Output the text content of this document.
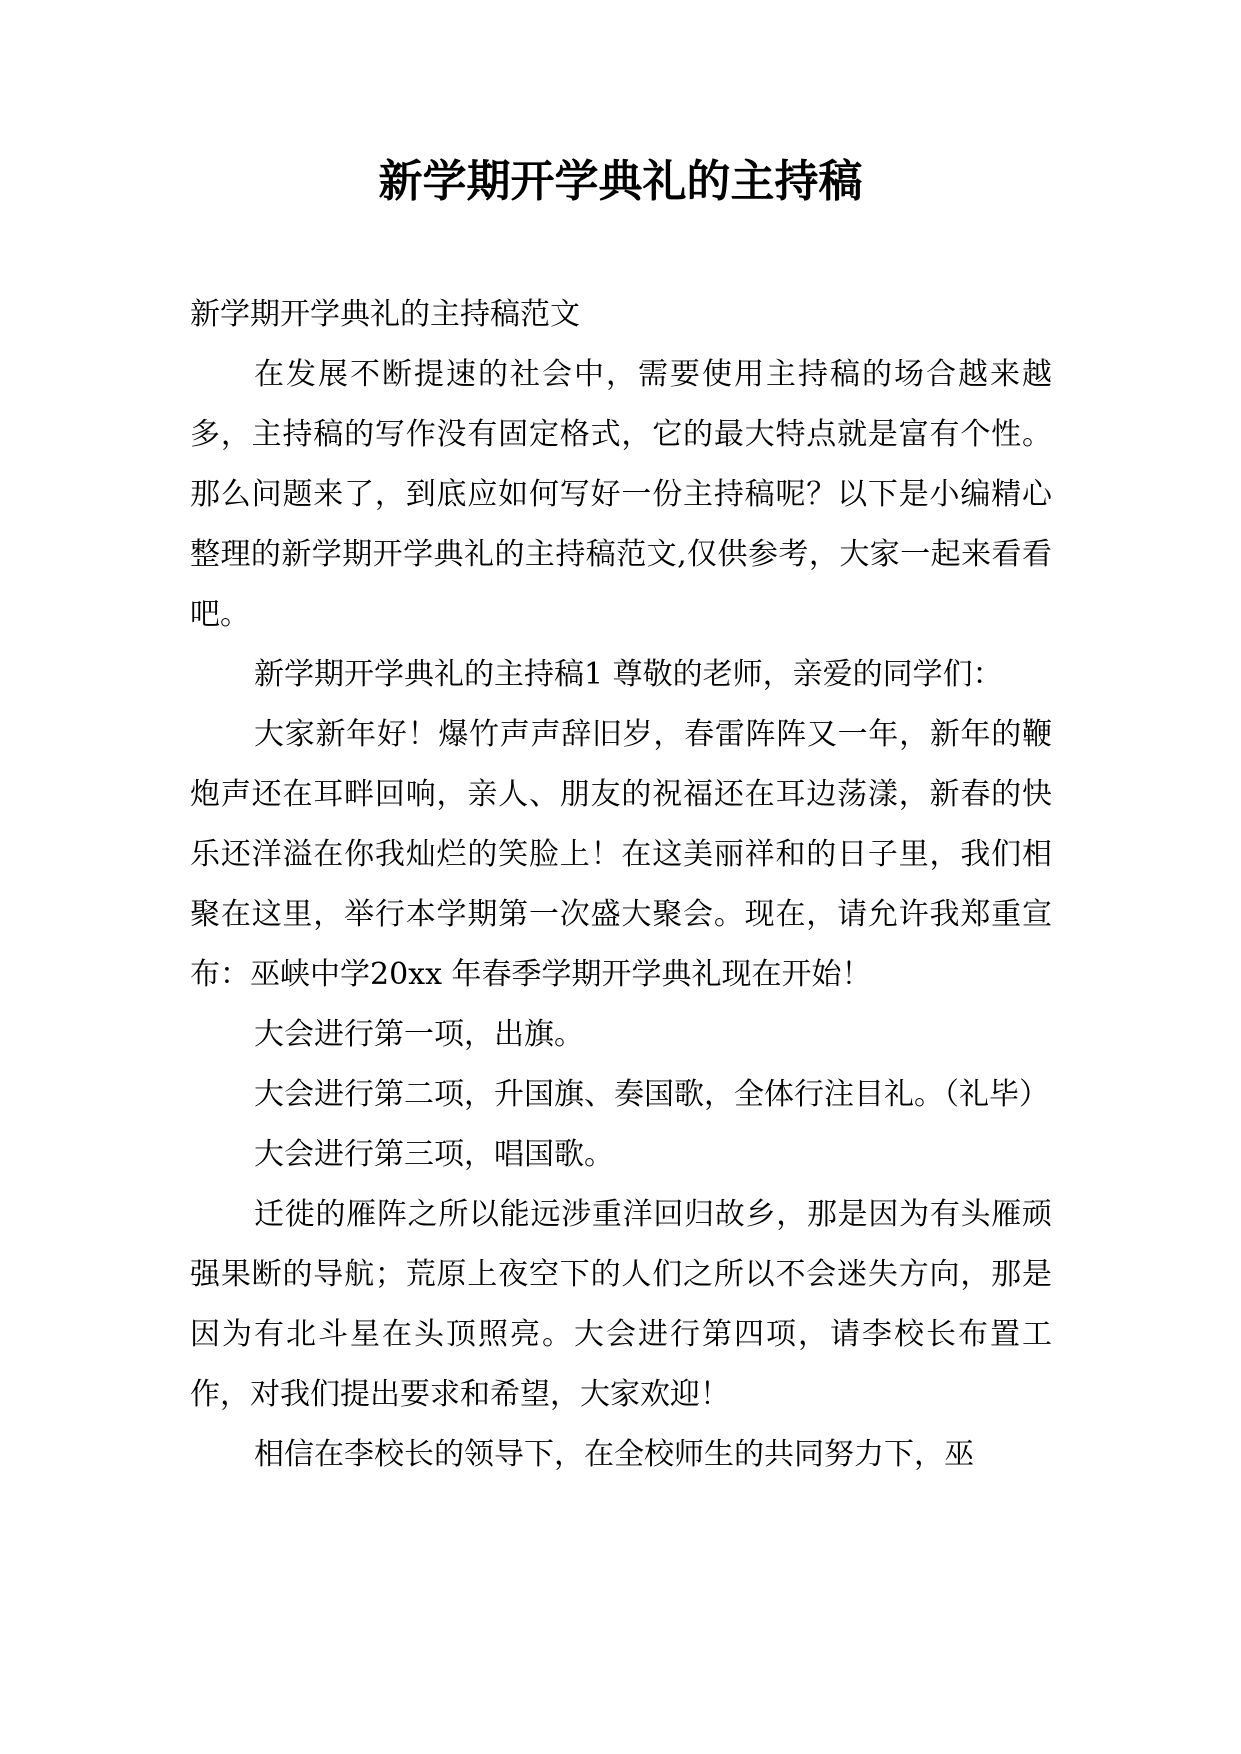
新学期开学典礼的主持稿

新学期开学典礼的主持稿范文

在发展不断提速的社会中，需要使用主持稿的场合越来越多，主持稿的写作没有固定格式，它的最大特点就是富有个性。那么问题来了，到底应如何写好一份主持稿呢？以下是小编精心整理的新学期开学典礼的主持稿范文,仅供参考，大家一起来看看吧。

新学期开学典礼的主持稿1 尊敬的老师，亲爱的同学们：

大家新年好！爆竹声声辞旧岁，春雷阵阵又一年，新年的鞭炮声还在耳畔回响，亲人、朋友的祝福还在耳边荡漾，新春的快乐还洋溢在你我灿烂的笑脸上！在这美丽祥和的日子里，我们相聚在这里，举行本学期第一次盛大聚会。现在，请允许我郑重宣布：巫峡中学20xx 年春季学期开学典礼现在开始！

大会进行第一项，出旗。

大会进行第二项，升国旗、奏国歌，全体行注目礼。（礼毕）

大会进行第三项，唱国歌。

迁徙的雁阵之所以能远涉重洋回归故乡，那是因为有头雁顽强果断的导航；荒原上夜空下的人们之所以不会迷失方向，那是因为有北斗星在头顶照亮。大会进行第四项，请李校长布置工作，对我们提出要求和希望，大家欢迎！

相信在李校长的领导下，在全校师生的共同努力下，巫
